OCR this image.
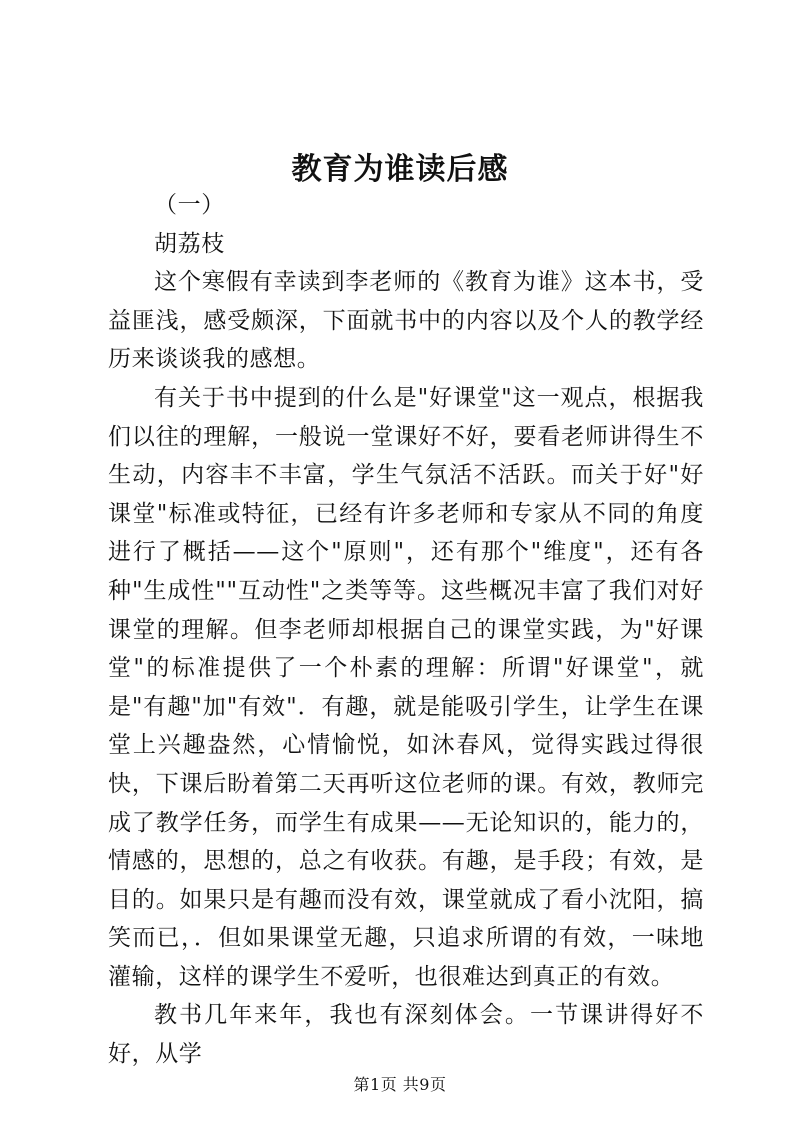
教育为谁读后感

（一）

胡荔枝

这个寒假有幸读到李老师的《教育为谁》这本书，受益匪浅，感受颇深，下面就书中的内容以及个人的教学经历来谈谈我的感想。

有关于书中提到的什么是"好课堂"这一观点，根据我们以往的理解，一般说一堂课好不好，要看老师讲得生不生动，内容丰不丰富，学生气氛活不活跃。而关于好"好课堂"标准或特征，已经有许多老师和专家从不同的角度进行了概括——这个"原则"，还有那个"维度"，还有各种"生成性""互动性"之类等等。这些概况丰富了我们对好课堂的理解。但李老师却根据自己的课堂实践，为"好课堂"的标准提供了一个朴素的理解：所谓"好课堂"，就是"有趣"加"有效"．有趣，就是能吸引学生，让学生在课堂上兴趣盎然，心情愉悦，如沐春风，觉得实践过得很快，下课后盼着第二天再听这位老师的课。有效，教师完成了教学任务，而学生有成果——无论知识的，能力的，情感的，思想的，总之有收获。有趣，是手段；有效，是目的。如果只是有趣而没有效，课堂就成了看小沈阳，搞笑而已，．但如果课堂无趣，只追求所谓的有效，一味地灌输，这样的课学生不爱听，也很难达到真正的有效。

教书几年来年，我也有深刻体会。一节课讲得好不好，从学

第1页 共9页
